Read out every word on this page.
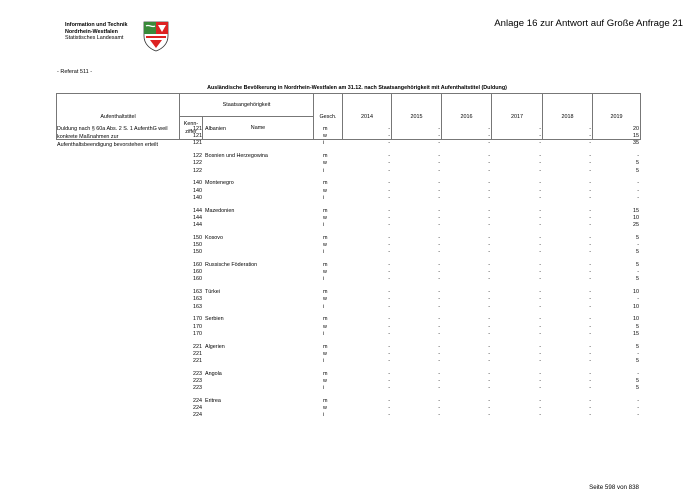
Information und Technik
Nordrhein-Westfalen
Statistisches Landesamt
Anlage 16 zur Antwort auf Große Anfrage 21
- Referat 511 -
Ausländische Bevölkerung in Nordrhein-Westfalen am 31.12. nach Staatsangehörigkeit mit Aufenthaltstitel (Duldung)
Aufenthaltstitel	Staatsangehörigkeit		Gesch.	2014	2015	2016	2017	2018	2019
	Kenn-
ziffer	Name							
Duldung nach § 60a Abs. 2 S. 1 AufenthG weil
konkrete Maßnahmen zur
Aufenthaltsbeendigung bevorstehen erteilt
121 Albanien	m	-	-	-	-	-	20
121	w	-	-	-	-	-	15
121	i	-	-	-	-	-	35
122 Bosnien und Herzegowina	m	-	-	-	-	-	-
122	w	-	-	-	-	-	5
122	i	-	-	-	-	-	5
140 Montenegro	m	-	-	-	-	-	-
140	w	-	-	-	-	-	-
140	i	-	-	-	-	-	-
144 Mazedonien	m	-	-	-	-	-	15
144	w	-	-	-	-	-	10
144	i	-	-	-	-	-	25
150 Kosovo	m	-	-	-	-	-	5
150	w	-	-	-	-	-	-
150	i	-	-	-	-	-	5
160 Russische Föderation	m	-	-	-	-	-	5
160	w	-	-	-	-	-	-
160	i	-	-	-	-	-	5
163 Türkei	m	-	-	-	-	-	10
163	w	-	-	-	-	-	-
163	i	-	-	-	-	-	10
170 Serbien	m	-	-	-	-	-	10
170	w	-	-	-	-	-	5
170	i	-	-	-	-	-	15
221 Algerien	m	-	-	-	-	-	5
221	w	-	-	-	-	-	-
221	i	-	-	-	-	-	5
223 Angola	m	-	-	-	-	-	-
223	w	-	-	-	-	-	5
223	i	-	-	-	-	-	5
224 Eritrea	m	-	-	-	-	-	-
224	w	-	-	-	-	-	-
224	i	-	-	-	-	-	-
Seite 598 von 838
